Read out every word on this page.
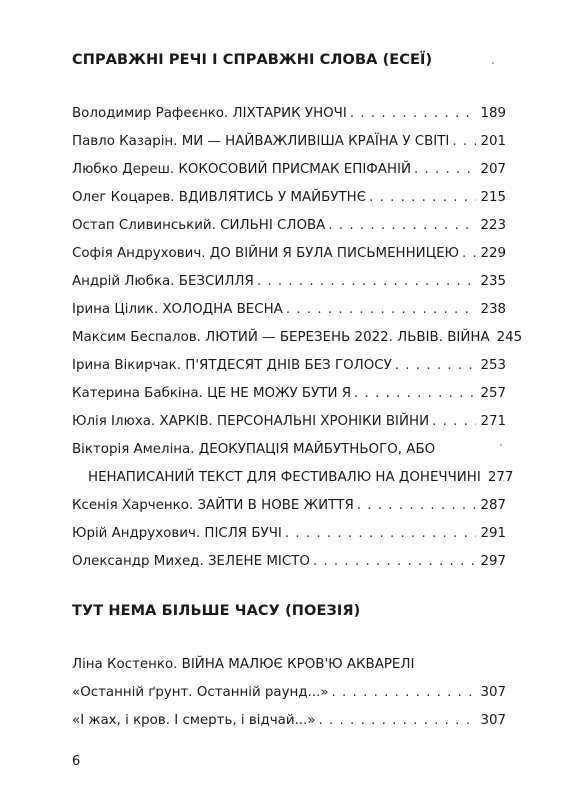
СПРАВЖНІ РЕЧІ І СПРАВЖНІ СЛОВА (ЕСЕЇ)
Володимир Рафеєнко. ЛІХТАРИК УНОЧІ . . .	189
Павло Казарін. МИ — НАЙВАЖЛИВІША КРАЇНА У СВІТІ . . . 201
Любко Дереш. КОКОСОВИЙ ПРИСМАК ЕПІФАНІЙ . . .	207
Олег Коцарев. ВДИВЛЯТИСЬ У МАЙБУТНЄ . . .	215
Остап Сливинський. СИЛЬНІ СЛОВА . . .	223
Софія Андрухович. ДО ВІЙНИ Я БУЛА ПИСЬМЕННИЦЕЮ . . . 229
Андрій Любка. БЕЗСИЛЛЯ . . .	235
Ірина Цілик. ХОЛОДНА ВЕСНА . . .	238
Максим Беспалов. ЛЮТИЙ — БЕРЕЗЕНЬ 2022. ЛЬВІВ. ВІЙНА 245
Ірина Вікирчак. П'ЯТДЕСЯТ ДНІВ БЕЗ ГОЛОСУ . . .	253
Катерина Бабкіна. ЦЕ НЕ МОЖУ БУТИ Я . . .	257
Юлія Ілюха. ХАРКІВ. ПЕРСОНАЛЬНІ ХРОНІКИ ВІЙНИ . . .	271
Вікторія Амеліна. ДЕОКУПАЦІЯ МАЙБУТНЬОГО, АБО
НЕНАПИСАНИЙ ТЕКСТ ДЛЯ ФЕСТИВАЛЮ НА ДОНЕЧЧИНІ 277
Ксенія Харченко. ЗАЙТИ В НОВЕ ЖИТТЯ . . .	287
Юрій Андрухович. ПІСЛЯ БУЧІ . . .	291
Олександр Михед. ЗЕЛЕНЕ МІСТО . . .	297
ТУТ НЕМА БІЛЬШЕ ЧАСУ (ПОЕЗІЯ)
Ліна Костенко. ВІЙНА МАЛЮЄ КРОВ'Ю АКВАРЕЛІ
«Останній ґрунт. Останній раунд...» . . .	307
«І жах, і кров. І смерть, і відчай...» . . .	307
6
